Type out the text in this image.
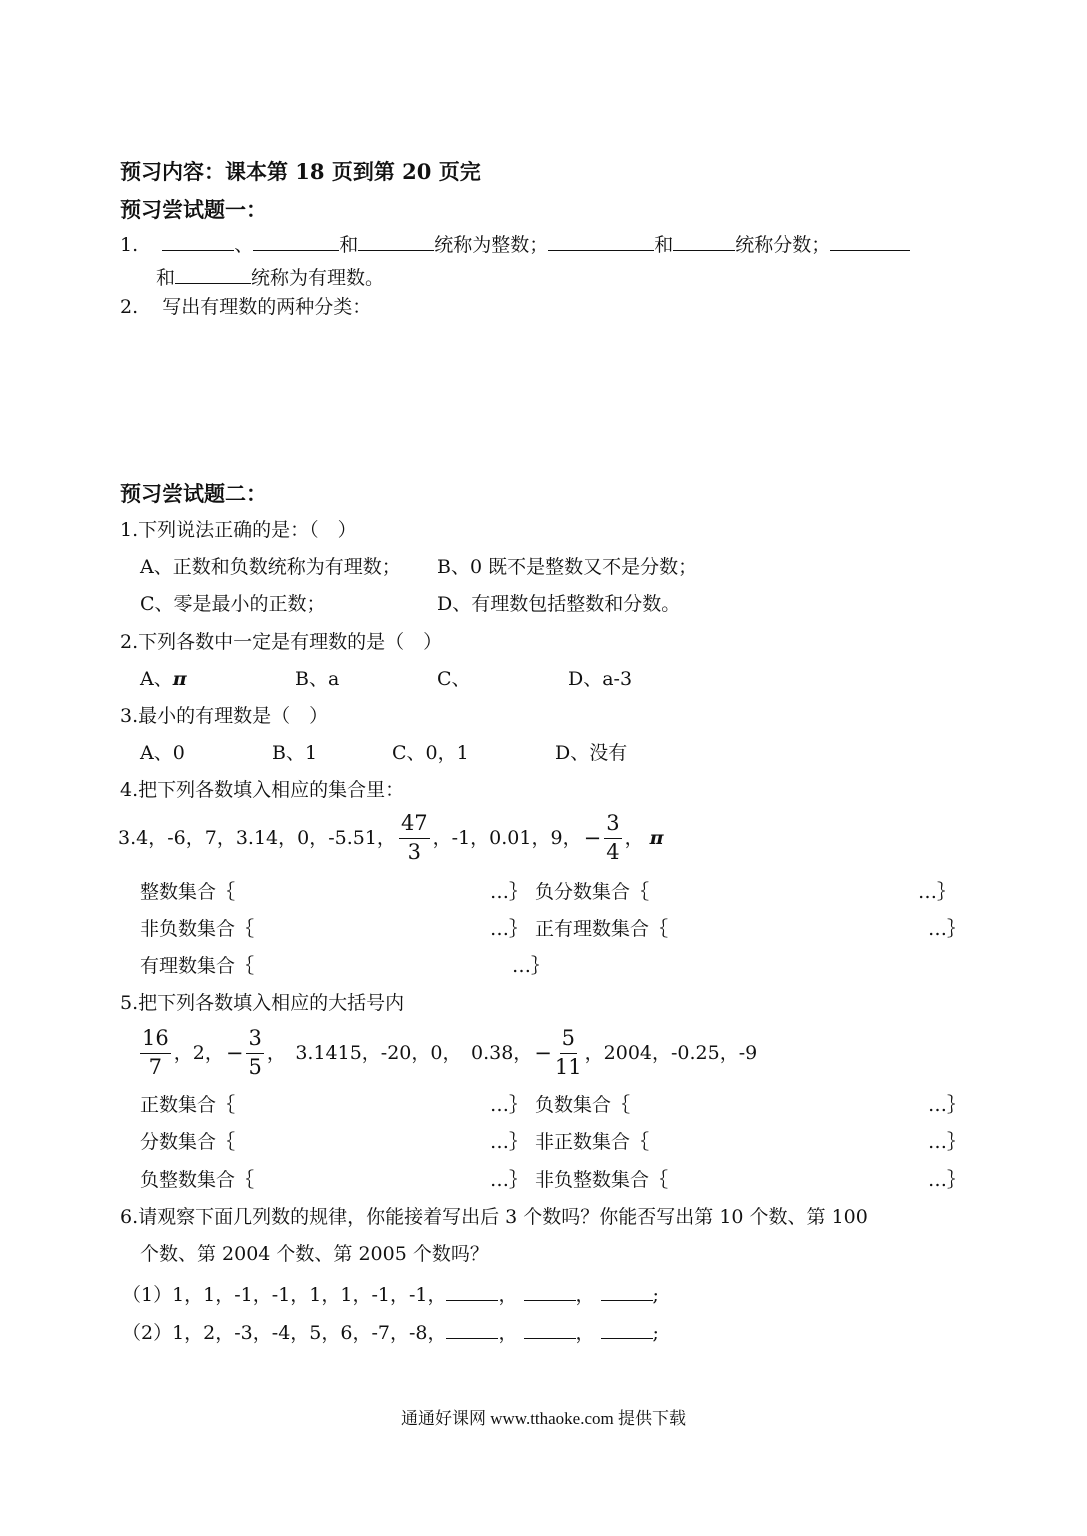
预习内容：课本第 18 页到第 20 页完
预习尝试题一：
1.	、	和	统称为整数；	和	统称分数；
和	统称为有理数。
2. 写出有理数的两种分类：
预习尝试题二：
1.下列说法正确的是：（　）
A、正数和负数统称为有理数； B、0 既不是整数又不是分数；
C、零是最小的正数；	D、有理数包括整数和分数。
2.下列各数中一定是有理数的是（　）
A、π	B、a	C、	D、a-3
3.最小的有理数是（　）
A、0	B、1	C、0，1	D、没有
4.把下列各数填入相应的集合里：
3.4，-6，7，3.14，0，-5.51， $\frac{47}{3}$ ，-1，0.01，9， − $\frac{3}{4}$ ， π
整数集合｛	…｝ 负分数集合｛	…｝
非负数集合｛	…｝ 正有理数集合｛	…｝
有理数集合｛	…｝
5.把下列各数填入相应的大括号内
$\frac{16}{7}$ ，2， − $\frac{3}{5}$ ，　3.1415，-20，0，　0.38， − $\frac{5}{11}$ ，2004，-0.25，-9
正数集合｛	…｝ 负数集合｛	…｝
分数集合｛	…｝ 非正数集合｛	…｝
负整数集合｛	…｝ 非负整数集合｛	…｝
6.请观察下面几列数的规律，你能接着写出后 3 个数吗？你能否写出第 10 个数、第 100
个数、第 2004 个数、第 2005 个数吗？
（1）1，1，-1，-1，1，1，-1，-1，	，	，	;
（2）1，2，-3，-4，5，6，-7，-8，	，	，	;
通通好课网 www.tthaoke.com 提供下载
